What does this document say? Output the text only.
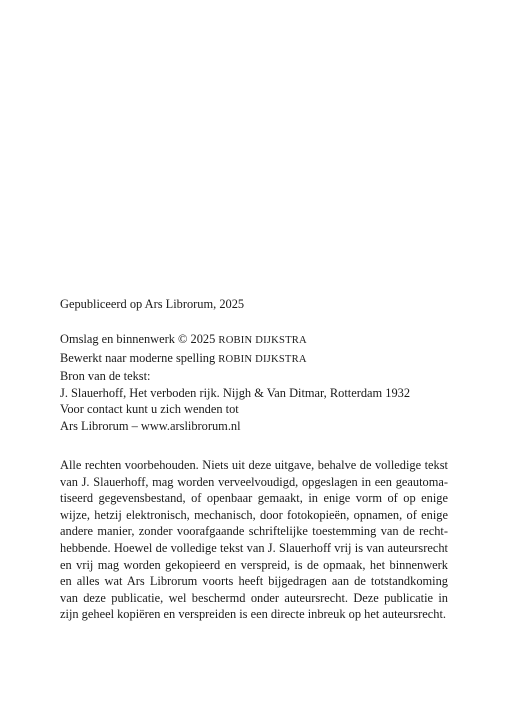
Gepubliceerd op Ars Librorum, 2025
Omslag en binnenwerk © 2025 ROBIN DIJKSTRA
Bewerkt naar moderne spelling ROBIN DIJKSTRA
Bron van de tekst:
J. Slauerhoff, Het verboden rijk. Nijgh & Van Ditmar, Rotterdam 1932
Voor contact kunt u zich wenden tot
Ars Librorum – www.arslibrorum.nl
Alle rechten voorbehouden. Niets uit deze uitgave, behalve de volledige tekst van J. Slauerhoff, mag worden verveelvoudigd, opgeslagen in een geautomatiseerd gegevensbestand, of openbaar gemaakt, in enige vorm of op enige wijze, hetzij elektronisch, mechanisch, door fotokopieën, opnamen, of enige andere manier, zonder voorafgaande schriftelijke toestemming van de rechthebbende. Hoewel de volledige tekst van J. Slauerhoff vrij is van auteursrecht en vrij mag worden gekopieerd en verspreid, is de opmaak, het binnenwerk en alles wat Ars Librorum voorts heeft bijgedragen aan de totstandkoming van deze publicatie, wel beschermd onder auteursrecht. Deze publicatie in zijn geheel kopiëren en verspreiden is een directe inbreuk op het auteursrecht.
